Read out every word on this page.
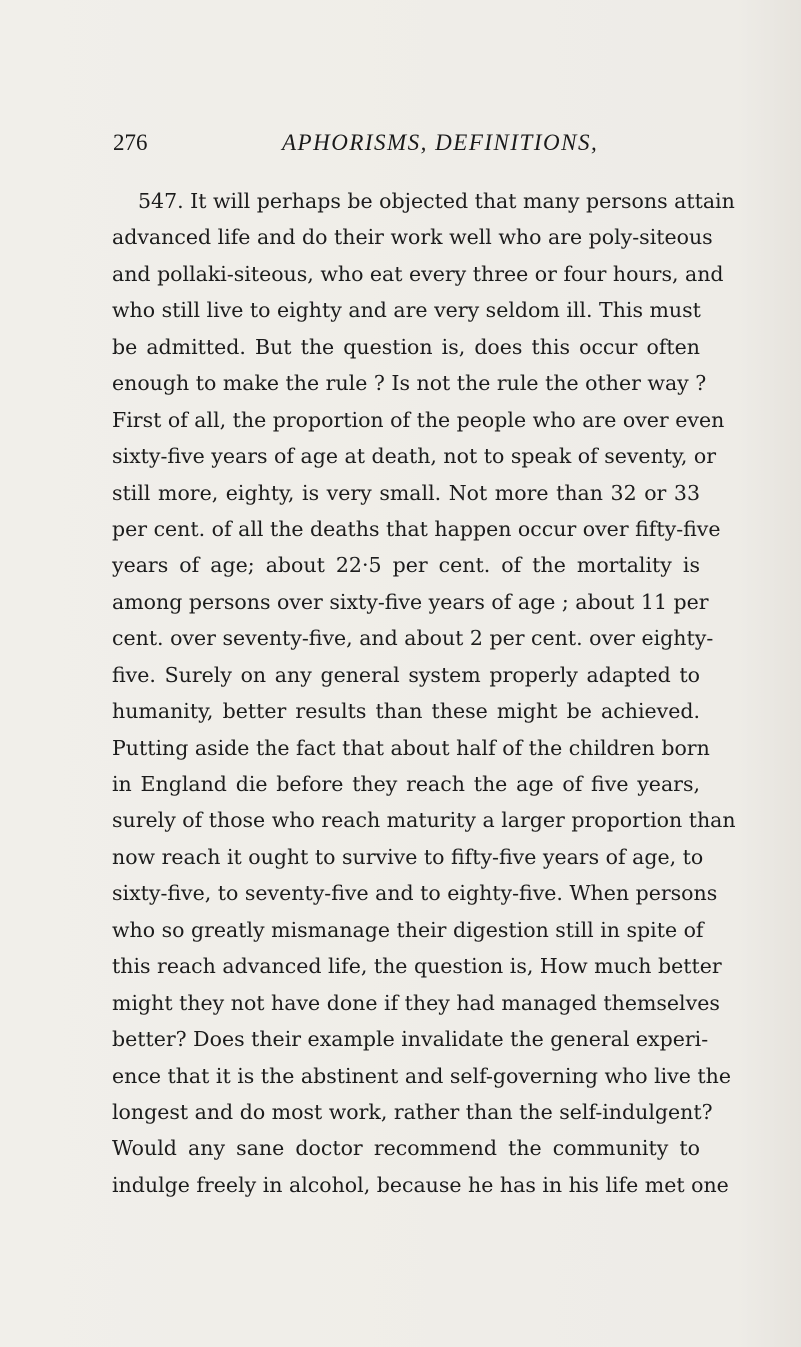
276	APHORISMS, DEFINITIONS,
547. It will perhaps be objected that many persons attain
advanced life and do their work well who are poly-siteous
and pollaki-siteous, who eat every three or four hours, and
who still live to eighty and are very seldom ill. This must
be admitted. But the question is, does this occur often
enough to make the rule ? Is not the rule the other way ?
First of all, the proportion of the people who are over even
sixty-five years of age at death, not to speak of seventy, or
still more, eighty, is very small. Not more than 32 or 33
per cent. of all the deaths that happen occur over fifty-five
years of age; about 22·5 per cent. of the mortality is
among persons over sixty-five years of age ; about 11 per
cent. over seventy-five, and about 2 per cent. over eighty-
five. Surely on any general system properly adapted to
humanity, better results than these might be achieved.
Putting aside the fact that about half of the children born
in England die before they reach the age of five years,
surely of those who reach maturity a larger proportion than
now reach it ought to survive to fifty-five years of age, to
sixty-five, to seventy-five and to eighty-five. When persons
who so greatly mismanage their digestion still in spite of
this reach advanced life, the question is, How much better
might they not have done if they had managed themselves
better? Does their example invalidate the general experi-
ence that it is the abstinent and self-governing who live the
longest and do most work, rather than the self-indulgent?
Would any sane doctor recommend the community to
indulge freely in alcohol, because he has in his life met one
